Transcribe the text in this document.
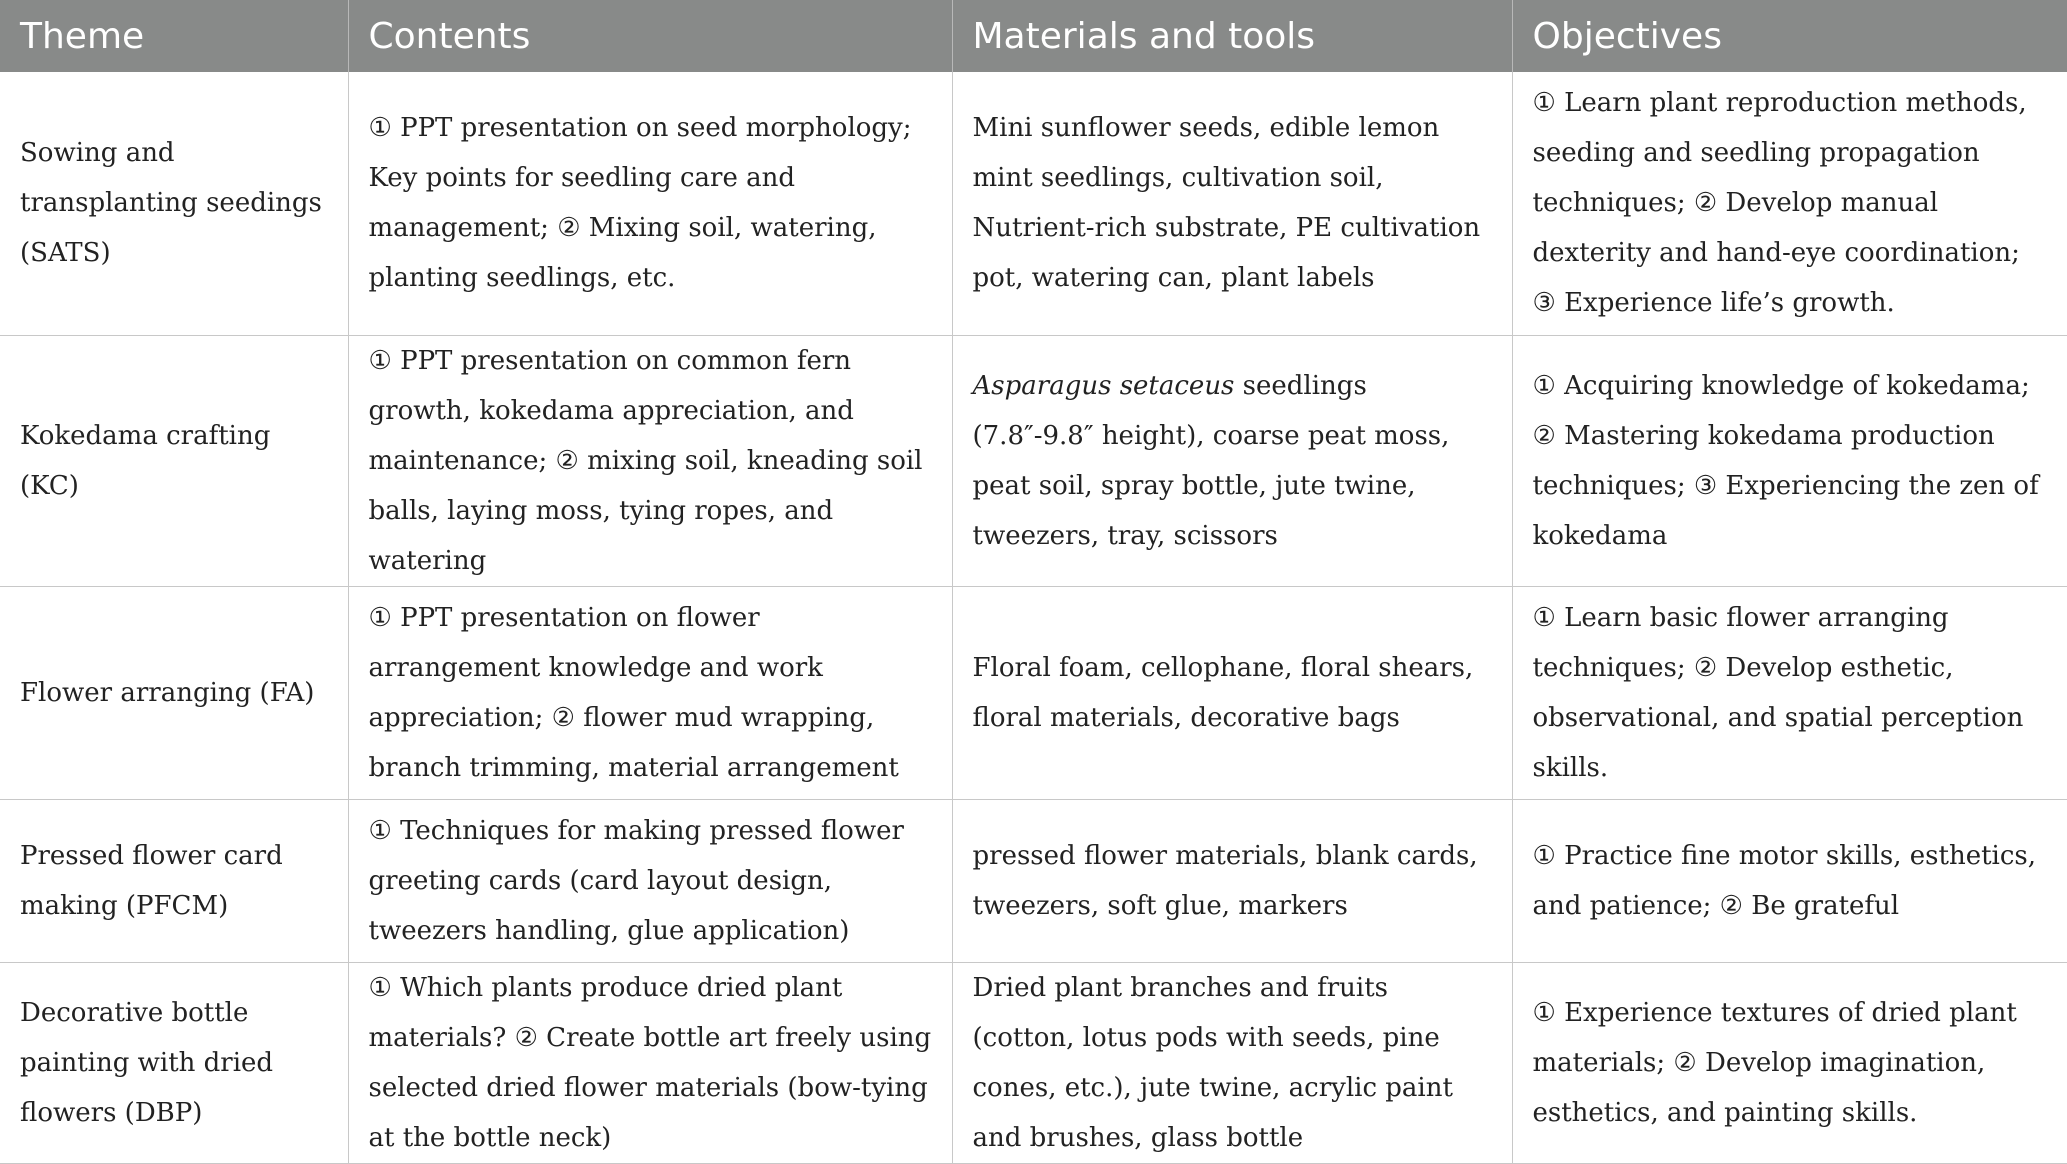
Theme	Contents	Materials and tools	Objectives
Sowing and transplanting seedings (SATS)	① PPT presentation on seed morphology; Key points for seedling care and management; ② Mixing soil, watering, planting seedlings, etc.	Mini sunflower seeds, edible lemon mint seedlings, cultivation soil, Nutrient-rich substrate, PE cultivation pot, watering can, plant labels	① Learn plant reproduction methods, seeding and seedling propagation techniques; ② Develop manual dexterity and hand-eye coordination; ③ Experience life’s growth.
Kokedama crafting (KC)	① PPT presentation on common fern growth, kokedama appreciation, and maintenance; ② mixing soil, kneading soil balls, laying moss, tying ropes, and watering	Asparagus setaceus seedlings (7.8″-9.8″ height), coarse peat moss, peat soil, spray bottle, jute twine, tweezers, tray, scissors	① Acquiring knowledge of kokedama; ② Mastering kokedama production techniques; ③ Experiencing the zen of kokedama
Flower arranging (FA)	① PPT presentation on flower arrangement knowledge and work appreciation; ② flower mud wrapping, branch trimming, material arrangement	Floral foam, cellophane, floral shears, floral materials, decorative bags	① Learn basic flower arranging techniques; ② Develop esthetic, observational, and spatial perception skills.
Pressed flower card making (PFCM)	① Techniques for making pressed flower greeting cards (card layout design, tweezers handling, glue application)	pressed flower materials, blank cards, tweezers, soft glue, markers	① Practice fine motor skills, esthetics, and patience; ② Be grateful
Decorative bottle painting with dried flowers (DBP)	① Which plants produce dried plant materials? ② Create bottle art freely using selected dried flower materials (bow-tying at the bottle neck)	Dried plant branches and fruits (cotton, lotus pods with seeds, pine cones, etc.), jute twine, acrylic paint and brushes, glass bottle	① Experience textures of dried plant materials; ② Develop imagination, esthetics, and painting skills.
